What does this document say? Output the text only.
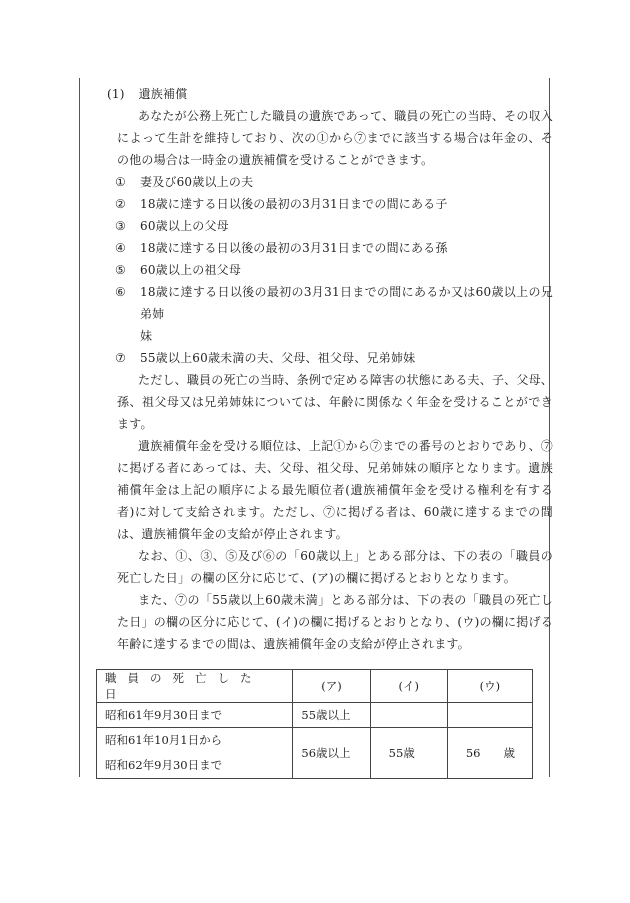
(1) 遺族補償

あなたが公務上死亡した職員の遺族であって、職員の死亡の当時、その収入によって生計を維持しており、次の①から⑦までに該当する場合は年金の、その他の場合は一時金の遺族補償を受けることができます。

①	妻及び60歳以上の夫
②	18歳に達する日以後の最初の3月31日までの間にある子
③	60歳以上の父母
④	18歳に達する日以後の最初の3月31日までの間にある孫
⑤	60歳以上の祖父母
⑥	18歳に達する日以後の最初の3月31日までの間にあるか又は60歳以上の兄弟姉
妹
⑦	55歳以上60歳未満の夫、父母、祖父母、兄弟姉妹

ただし、職員の死亡の当時、条例で定める障害の状態にある夫、子、父母、孫、祖父母又は兄弟姉妹については、年齢に関係なく年金を受けることができます。

遺族補償年金を受ける順位は、上記①から⑦までの番号のとおりであり、⑦に掲げる者にあっては、夫、父母、祖父母、兄弟姉妹の順序となります。遺族補償年金は上記の順序による最先順位者(遺族補償年金を受ける権利を有する者)に対して支給されます。ただし、⑦に掲げる者は、60歳に達するまでの間は、遺族補償年金の支給が停止されます。

なお、①、③、⑤及び⑥の「60歳以上」とある部分は、下の表の「職員の死亡した日」の欄の区分に応じて、(ア)の欄に掲げるとおりとなります。

また、⑦の「55歳以上60歳未満」とある部分は、下の表の「職員の死亡した日」の欄の区分に応じて、(イ)の欄に掲げるとおりとなり、(ウ)の欄に掲げる年齢に達するまでの間は、遺族補償年金の支給が停止されます。

職員の死亡した日	(ア)	(イ)	(ウ)
昭和61年9月30日まで	55歳以上		

昭和61年10月1日から
昭和62年9月30日まで	56歳以上	55歳	56　　歳
